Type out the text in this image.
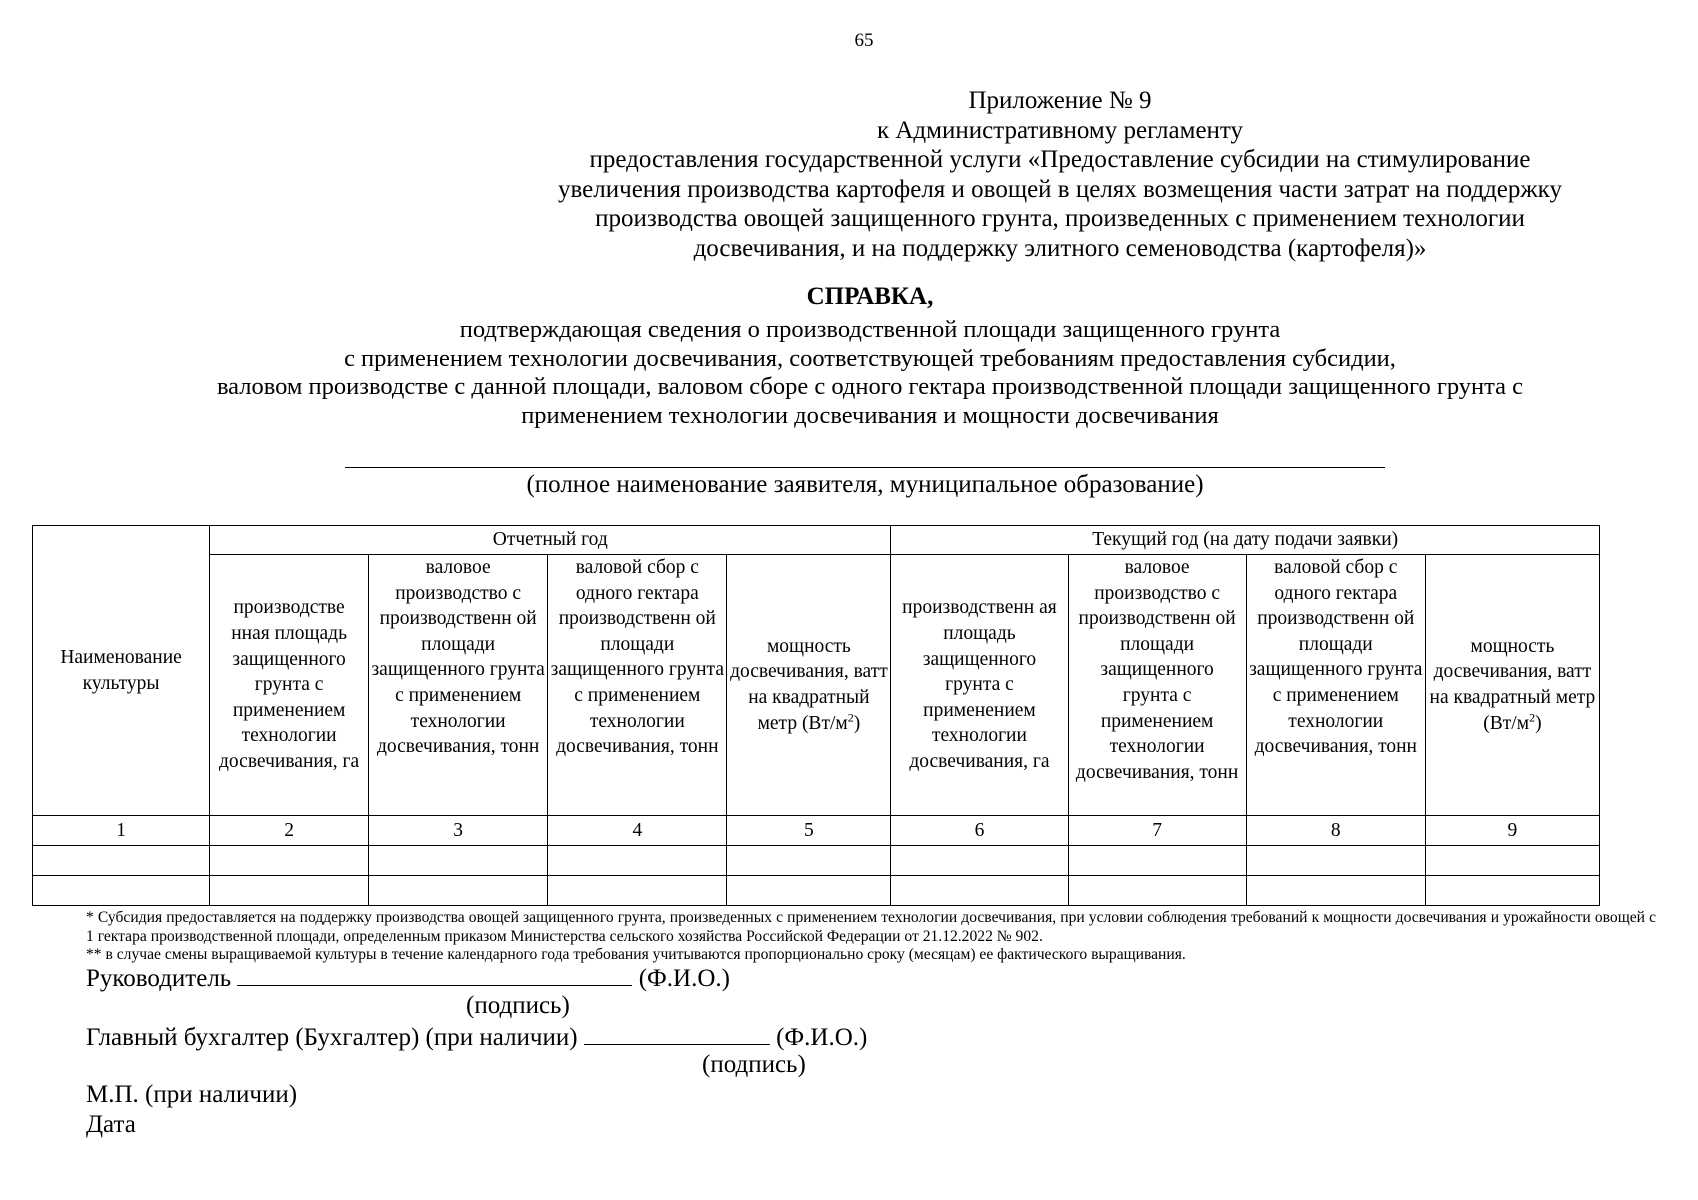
65
Приложение № 9
к Административному регламенту
предоставления государственной услуги «Предоставление субсидии на стимулирование
увеличения производства картофеля и овощей в целях возмещения части затрат на поддержку
производства овощей защищенного грунта, произведенных с применением технологии
досвечивания, и на поддержку элитного семеноводства (картофеля)»
СПРАВКА,
подтверждающая сведения о производственной площади защищенного грунта
с применением технологии досвечивания, соответствующей требованиям предоставления субсидии,
валовом производстве с данной площади, валовом сборе с одного гектара производственной площади защищенного грунта с
применением технологии досвечивания и мощности досвечивания
(полное наименование заявителя, муниципальное образование)
Наименование культуры	Отчетный год				Текущий год (на дату подачи заявки)			
	производстве нная площадь защищенного грунта с применением технологии досвечивания, га	валовое производство с производственн ой площади защищенного грунта с применением технологии досвечивания, тонн	валовой сбор с одного гектара производственн ой площади защищенного грунта с применением технологии досвечивания, тонн	мощность досвечивания, ватт на квадратный метр $(Вт/м^2)$	производственн ая площадь защищенного грунта с применением технологии досвечивания, га	валовое производство с производственн ой площади защищенного грунта с применением технологии досвечивания, тонн	валовой сбор с одного гектара производственн ой площади защищенного грунта с применением технологии досвечивания, тонн	мощность досвечивания, ватт на квадратный метр $(Вт/м^2)$
1	2	3	4	5	6	7	8	9

* Субсидия предоставляется на поддержку производства овощей защищенного грунта, произведенных с применением технологии досвечивания, при условии соблюдения требований к мощности досвечивания и урожайности овощей с 1 гектара производственной площади, определенным приказом Министерства сельского хозяйства Российской Федерации от 21.12.2022 № 902.

** в случае смены выращиваемой культуры в течение календарного года требования учитываются пропорционально сроку (месяцам) ее фактического выращивания.

Руководитель	(Ф.И.О.)
(подпись)
Главный бухгалтер (Бухгалтер) (при наличии)	(Ф.И.О.)
(подпись)
М.П. (при наличии)
Дата
